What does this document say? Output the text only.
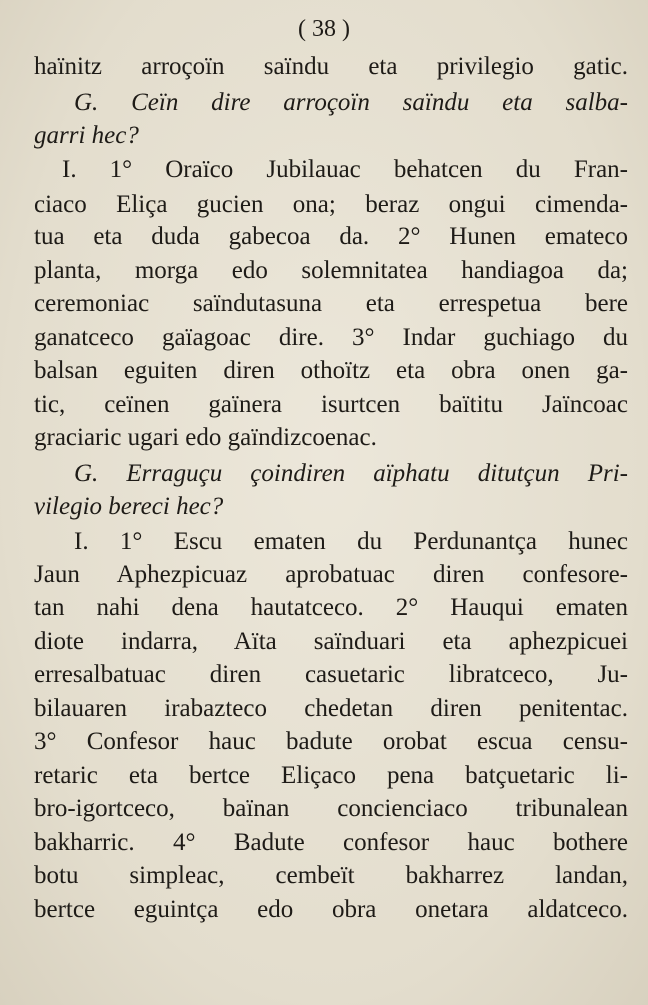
( 38 )
haïnitz arroçoïn saïndu eta privilegio gatic.
G. Ceïn dire arroçoïn saïndu eta salba-
garri hec?
I. 1° Oraïco Jubilauac behatcen du Fran-
ciaco Eliça gucien ona; beraz ongui cimenda-
tua eta duda gabecoa da. 2° Hunen emateco
planta, morga edo solemnitatea handiagoa da;
ceremoniac saïndutasuna eta errespetua bere
ganatceco gaïagoac dire. 3° Indar guchiago du
balsan eguiten diren othoïtz eta obra onen ga-
tic, ceïnen gaïnera isurtcen baïtitu Jaïncoac
graciaric ugari edo gaïndizcoenac.
G. Erraguçu çoindiren aïphatu ditutçun Pri-
vilegio bereci hec?
I. 1° Escu ematen du Perdunantça hunec
Jaun Aphezpicuaz aprobatuac diren confesore-
tan nahi dena hautatceco. 2° Hauqui ematen
diote indarra, Aïta saïnduari eta aphezpicuei
erresalbatuac diren casuetaric libratceco, Ju-
bilauaren irabazteco chedetan diren penitentac.
3° Confesor hauc badute orobat escua censu-
retaric eta bertce Eliçaco pena batçuetaric li-
bro-igortceco, baïnan concienciaco tribunalean
bakharric. 4° Badute confesor hauc bothere
botu simpleac, cembeït bakharrez landan,
bertce eguintça edo obra onetara aldatceco.
